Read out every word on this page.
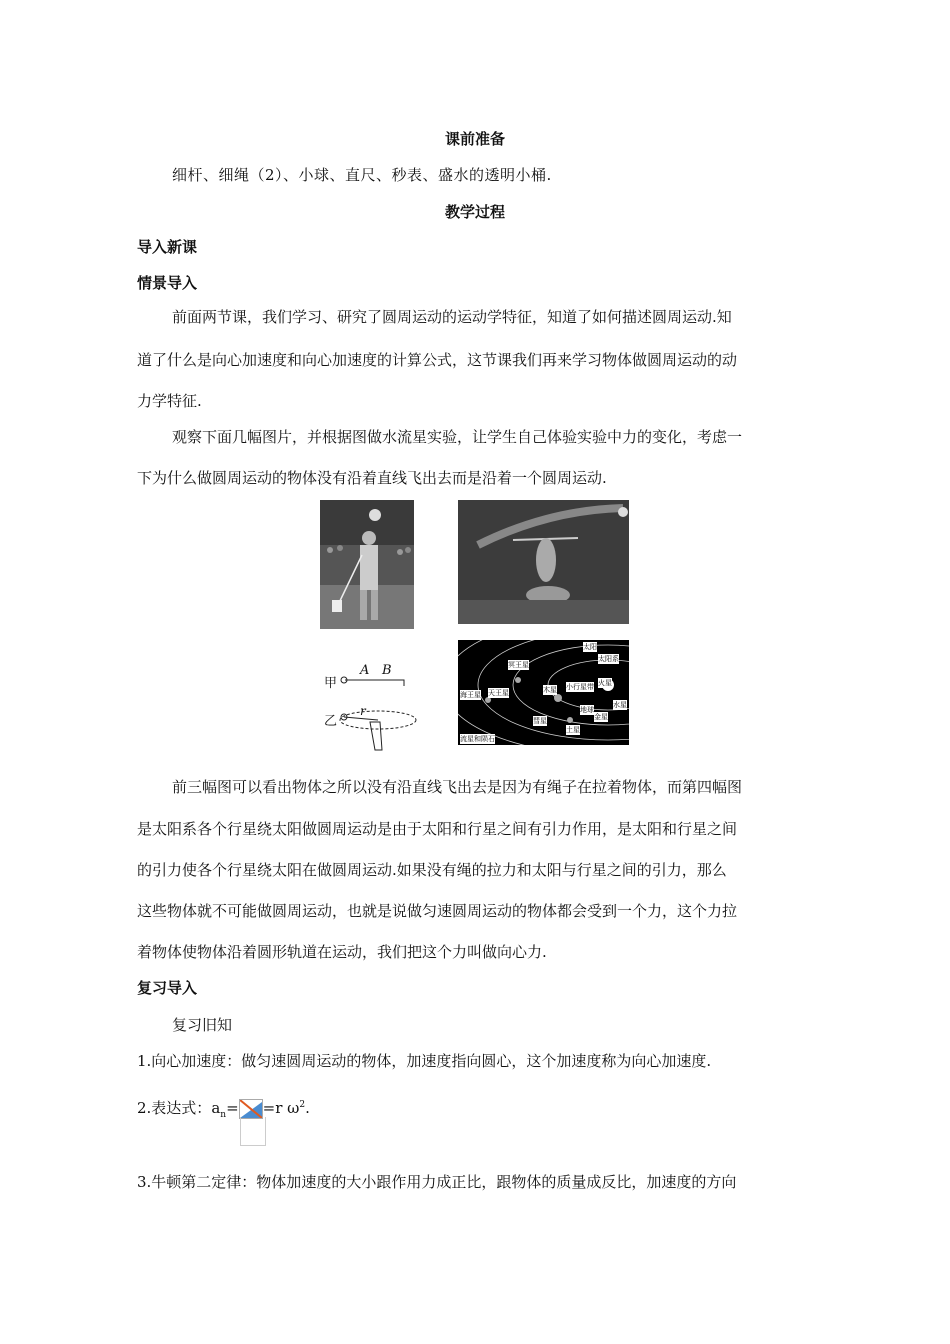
课前准备
细杆、细绳（2）、小球、直尺、秒表、盛水的透明小桶.
教学过程
导入新课
情景导入
前面两节课，我们学习、研究了圆周运动的运动学特征，知道了如何描述圆周运动.知
道了什么是向心加速度和向心加速度的计算公式，这节课我们再来学习物体做圆周运动的动
力学特征.
观察下面几幅图片，并根据图做水流星实验，让学生自己体验实验中力的变化，考虑一
下为什么做圆周运动的物体没有沿着直线飞出去而是沿着一个圆周运动.
甲
A B
乙
r
太阳
冥王星
海王星 天王星	木星 小行星带
地球
火星
金星
水星
土星
彗星
流星和陨石
太阳系
前三幅图可以看出物体之所以没有沿直线飞出去是因为有绳子在拉着物体，而第四幅图
是太阳系各个行星绕太阳做圆周运动是由于太阳和行星之间有引力作用，是太阳和行星之间
的引力使各个行星绕太阳在做圆周运动.如果没有绳的拉力和太阳与行星之间的引力，那么
这些物体就不可能做圆周运动，也就是说做匀速圆周运动的物体都会受到一个力，这个力拉
着物体使物体沿着圆形轨道在运动，我们把这个力叫做向心力.
复习导入
复习旧知
1.向心加速度：做匀速圆周运动的物体，加速度指向圆心，这个加速度称为向心加速度.
2.表达式：$a_n= =r$ $\omega^2$.
3.牛顿第二定律：物体加速度的大小跟作用力成正比，跟物体的质量成反比，加速度的方向
